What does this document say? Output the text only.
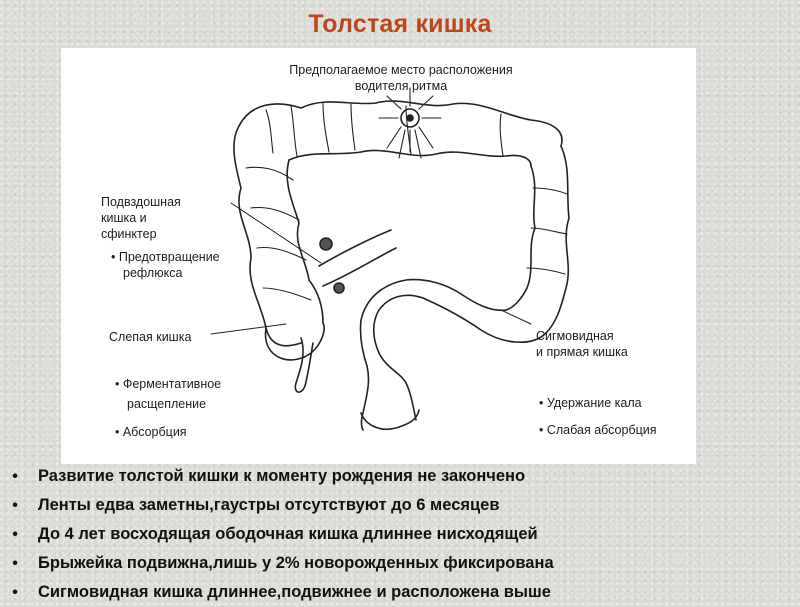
Толстая кишка
Предполагаемое место расположения
водителя ритма
Подвздошная
кишка и
сфинктер
• Предотвращение
рефлюкса
Слепая кишка
• Ферментативное
расщепление
• Абсорбция
Сигмовидная
и прямая кишка
• Удержание кала
• Слабая абсорбция
• Развитие толстой кишки к моменту рождения не закончено
• Ленты едва заметны,гаустры отсутствуют до 6 месяцев
• До 4 лет восходящая ободочная кишка длиннее нисходящей
• Брыжейка подвижна,лишь у 2% новорожденных фиксирована
• Сигмовидная кишка длиннее,подвижнее и расположена выше
